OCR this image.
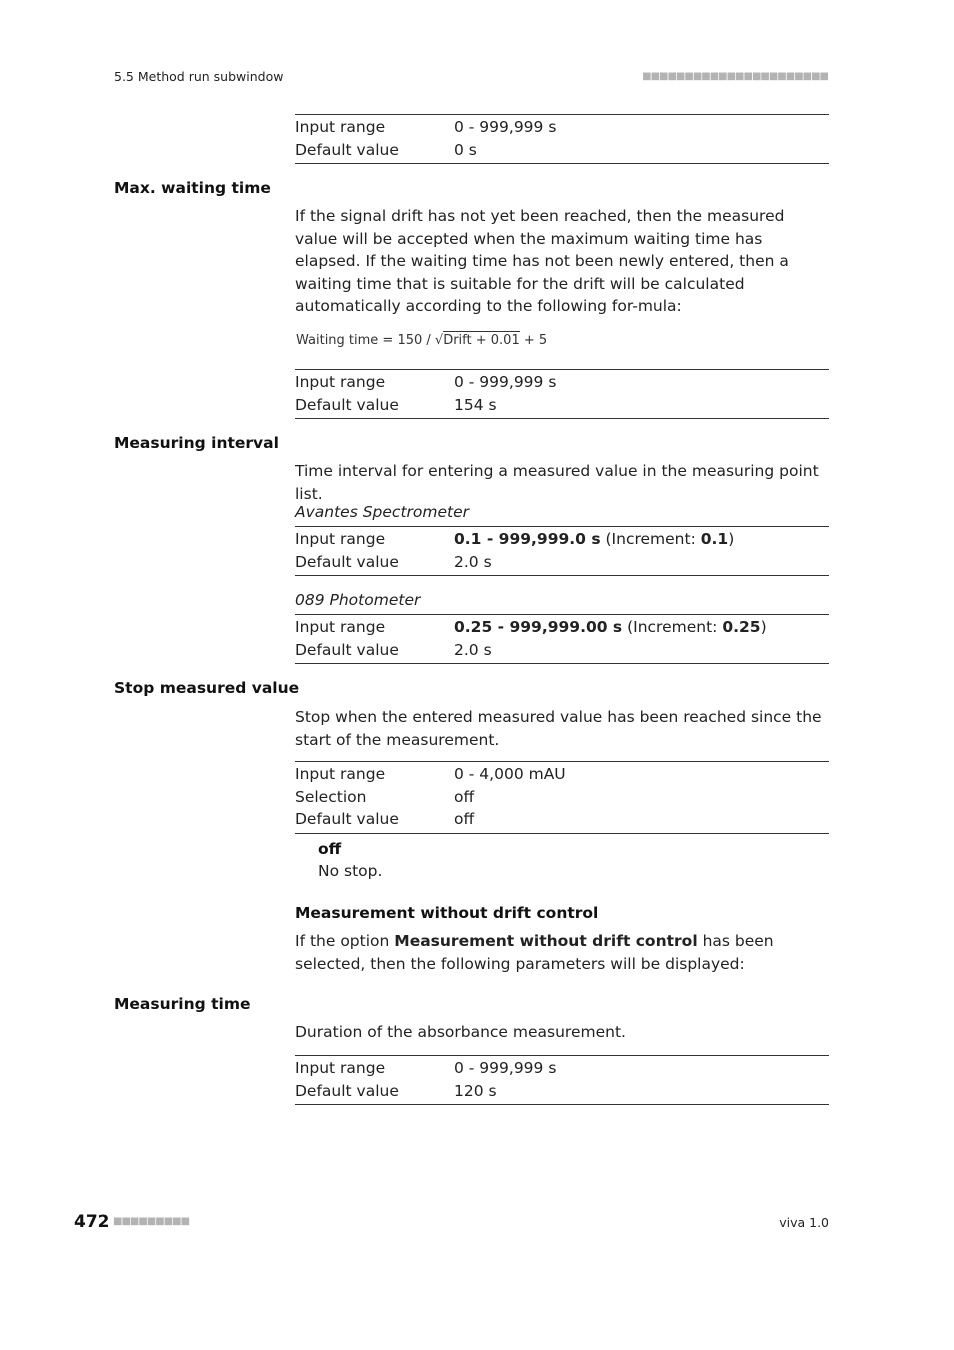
5.5 Method run subwindow	■■■■■■■■■■■■■■■■■■■■■■
Input range	0 - 999,999 s
Default value	0 s
Max. waiting time
If the signal drift has not yet been reached, then the measured value will be accepted when the maximum waiting time has elapsed. If the waiting time has not been newly entered, then a waiting time that is suitable for the drift will be calculated automatically according to the following for-mula:
Waiting time = 150 / √Drift + 0.01 + 5
Input range	0 - 999,999 s
Default value	154 s
Measuring interval
Time interval for entering a measured value in the measuring point list.
Avantes Spectrometer
Input range	0.1 - 999,999.0 s (Increment: 0.1)
Default value	2.0 s
089 Photometer
Input range	0.25 - 999,999.00 s (Increment: 0.25)
Default value	2.0 s
Stop measured value
Stop when the entered measured value has been reached since the start of the measurement.
Input range	0 - 4,000 mAU
Selection	off
Default value	off
off
No stop.
Measurement without drift control
If the option Measurement without drift control has been selected, then the following parameters will be displayed:
Measuring time
Duration of the absorbance measurement.
Input range	0 - 999,999 s
Default value	120 s
472 ■■■■■■■■■	viva 1.0
